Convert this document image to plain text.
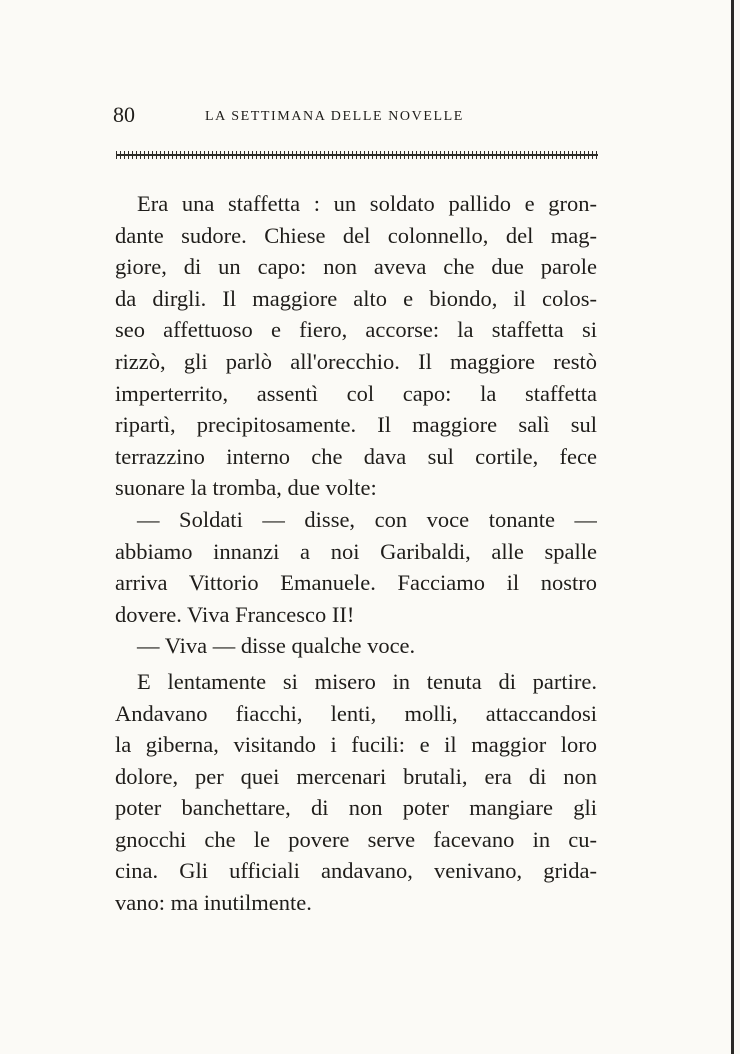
80	LA SETTIMANA DELLE NOVELLE
Era una staffetta : un soldato pallido e gron-
dante sudore. Chiese del colonnello, del mag-
giore, di un capo: non aveva che due parole
da dirgli. Il maggiore alto e biondo, il colos-
seo affettuoso e fiero, accorse: la staffetta si
rizzò, gli parlò all'orecchio. Il maggiore restò
imperterrito, assentì col capo: la staffetta
ripartì, precipitosamente. Il maggiore salì sul
terrazzino interno che dava sul cortile, fece
suonare la tromba, due volte:
— Soldati — disse, con voce tonante —
abbiamo innanzi a noi Garibaldi, alle spalle
arriva Vittorio Emanuele. Facciamo il nostro
dovere. Viva Francesco II!
— Viva — disse qualche voce.
E lentamente si misero in tenuta di partire.
Andavano fiacchi, lenti, molli, attaccandosi
la giberna, visitando i fucili: e il maggior loro
dolore, per quei mercenari brutali, era di non
poter banchettare, di non poter mangiare gli
gnocchi che le povere serve facevano in cu-
cina. Gli ufficiali andavano, venivano, grida-
vano: ma inutilmente.
